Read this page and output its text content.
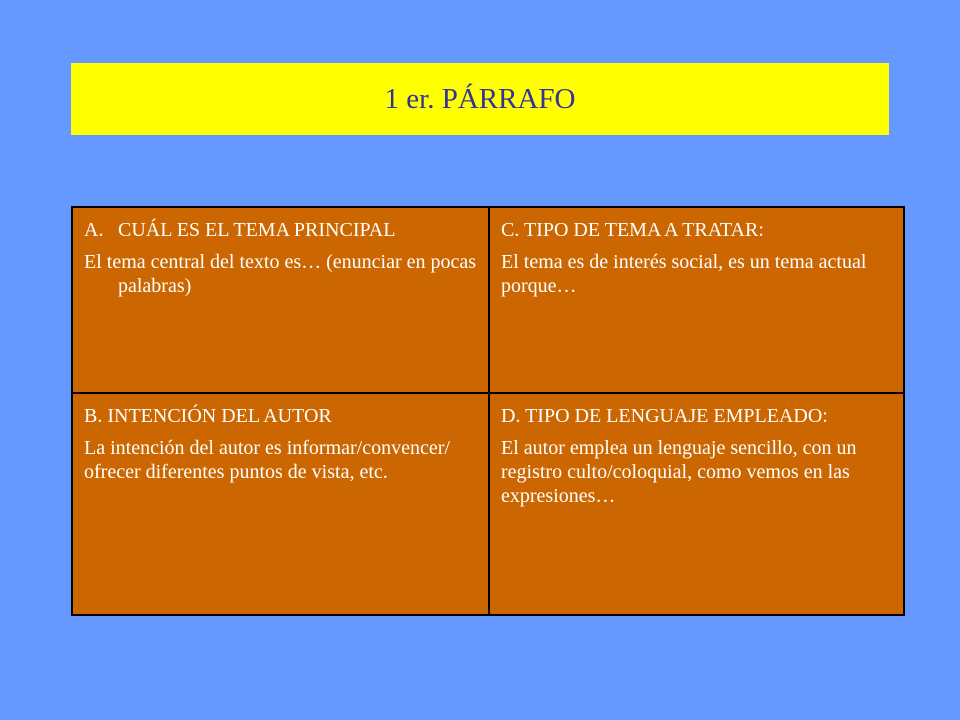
1 er. PÁRRAFO
A. CUÁL ES EL TEMA PRINCIPAL

El tema central del texto es… (enunciar en pocas palabras)

C. TIPO DE TEMA A TRATAR:

El tema es de interés social, es un tema actual porque…

B. INTENCIÓN DEL AUTOR

La intención del autor es informar/convencer/ ofrecer diferentes puntos de vista, etc.

D. TIPO DE LENGUAJE EMPLEADO:

El autor emplea un lenguaje sencillo, con un registro culto/coloquial, como vemos en las expresiones…
